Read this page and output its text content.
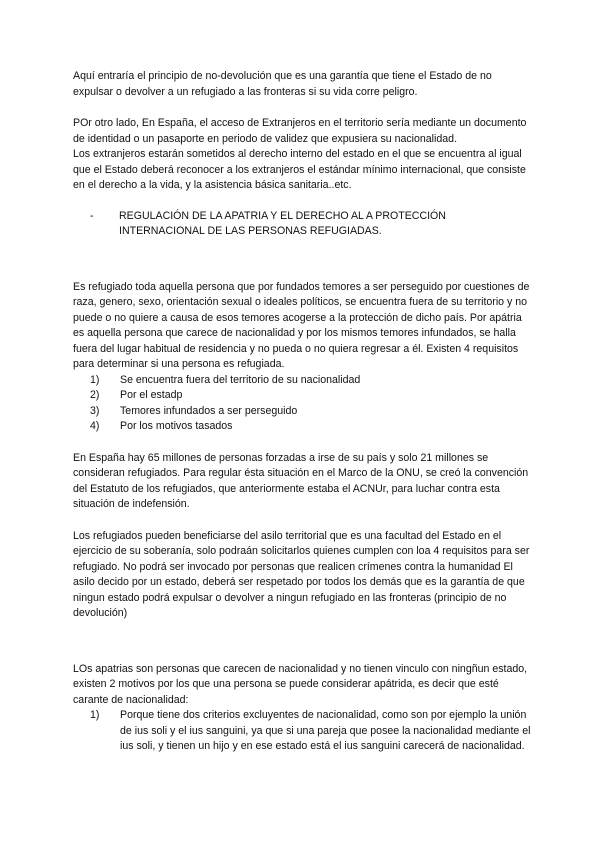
Aquí entraría el principio de no-devolución que es una garantía que tiene el Estado de no expulsar o devolver a un refugiado a las fronteras si su vida corre peligro.

POr otro lado, En España, el acceso de Extranjeros en el territorio sería mediante un documento de identidad o un pasaporte en periodo de validez que expusiera su nacionalidad.

Los extranjeros estarán sometidos al derecho interno del estado en el que se encuentra al igual que el Estado deberá reconocer a los extranjeros el estándar mínimo internacional, que consiste en el derecho a la vida, y la asistencia básica sanitaria..etc.

-	REGULACIÓN DE LA APATRIA Y EL DERECHO AL A PROTECCIÓN INTERNACIONAL DE LAS PERSONAS REFUGIADAS.

Es refugiado toda aquella persona que por fundados temores a ser perseguido por cuestiones de raza, genero, sexo, orientación sexual o ideales políticos, se encuentra fuera de su territorio y no puede o no quiere a causa de esos temores acogerse a la protección de dicho país. Por apátria es aquella persona que carece de nacionalidad y por los mismos temores infundados, se halla fuera del lugar habitual de residencia y no pueda o no quiera regresar a él. Existen 4 requisitos para determinar si una persona es refugiada.

1)	Se encuentra fuera del territorio de su nacionalidad
2)	Por el estadp
3)	Temores infundados a ser perseguido
4)	Por los motivos tasados

En España hay 65 millones de personas forzadas a irse de su país y solo 21 millones se consideran refugiados. Para regular ésta situación en el Marco de la ONU, se creó la convención del Estatuto de los refugiados, que anteriormente estaba el ACNUr, para luchar contra esta situación de indefensión.

Los refugiados pueden beneficiarse del asilo territorial que es una facultad del Estado en el ejercicio de su soberanía, solo podraán solicitarlos quienes cumplen con loa 4 requisitos para ser refugiado. No podrá ser invocado por personas que realicen crímenes contra la humanidad El asilo decido por un estado, deberá ser respetado por todos los demás que es la garantía de que ningun estado podrá expulsar o devolver a ningun refugiado en las fronteras (principio de no devolución)

LOs apatrias son personas que carecen de nacionalidad y no tienen vinculo con ningñun estado, existen 2 motivos por los que una persona se puede considerar apátrida, es decir que esté carante de nacionalidad:

1)	Porque tiene dos criterios excluyentes de nacionalidad, como son por ejemplo la unión de ius soli y el ius sanguini, ya que si una pareja que posee la nacionalidad mediante el ius soli, y tienen un hijo y en ese estado está el ius sanguini carecerá de nacionalidad.
